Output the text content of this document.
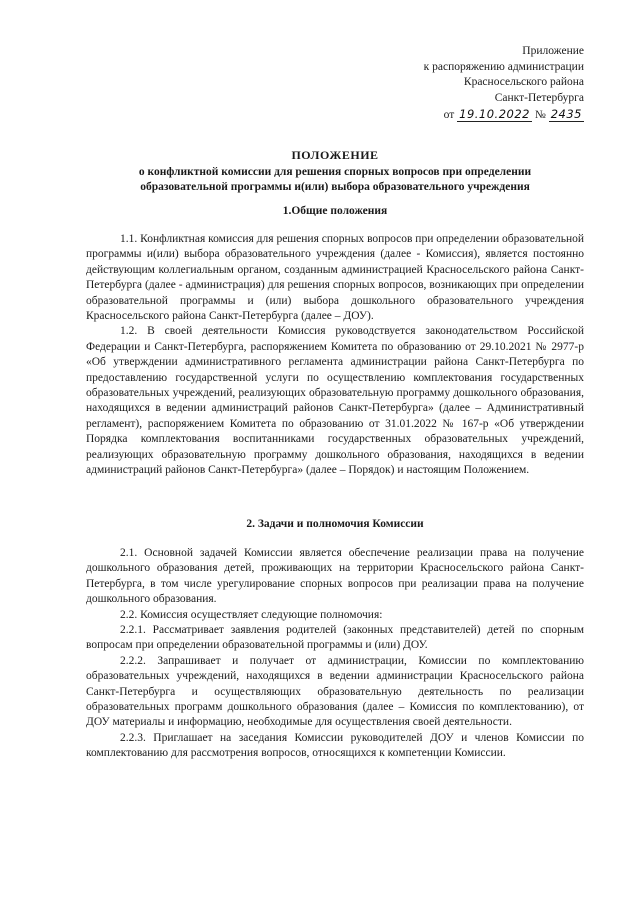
Приложение
к распоряжению администрации
Красносельского района
Санкт-Петербурга
от 19.10.2022 № 2435
ПОЛОЖЕНИЕ
о конфликтной комиссии для решения спорных вопросов при определении образовательной программы и(или) выбора образовательного учреждения
1.Общие положения

1.1. Конфликтная комиссия для решения спорных вопросов при определении образовательной программы и(или) выбора образовательного учреждения (далее - Комиссия), является постоянно действующим коллегиальным органом, созданным администрацией Красносельского района Санкт-Петербурга (далее - администрация) для решения спорных вопросов, возникающих при определении образовательной программы и (или) выбора дошкольного образовательного учреждения Красносельского района Санкт-Петербурга (далее – ДОУ).

1.2. В своей деятельности Комиссия руководствуется законодательством Российской Федерации и Санкт-Петербурга, распоряжением Комитета по образованию от 29.10.2021 № 2977-р «Об утверждении административного регламента администрации района Санкт-Петербурга по предоставлению государственной услуги по осуществлению комплектования государственных образовательных учреждений, реализующих образовательную программу дошкольного образования, находящихся в ведении администраций районов Санкт-Петербурга» (далее – Административный регламент), распоряжением Комитета по образованию от 31.01.2022 № 167-р «Об утверждении Порядка комплектования воспитанниками государственных образовательных учреждений, реализующих образовательную программу дошкольного образования, находящихся в ведении администраций районов Санкт-Петербурга» (далее – Порядок) и настоящим Положением.

2. Задачи и полномочия Комиссии

2.1. Основной задачей Комиссии является обеспечение реализации права на получение дошкольного образования детей, проживающих на территории Красносельского района Санкт-Петербурга, в том числе урегулирование спорных вопросов при реализации права на получение дошкольного образования.

2.2. Комиссия осуществляет следующие полномочия:

2.2.1. Рассматривает заявления родителей (законных представителей) детей по спорным вопросам при определении образовательной программы и (или) ДОУ.

2.2.2. Запрашивает и получает от администрации, Комиссии по комплектованию образовательных учреждений, находящихся в ведении администрации Красносельского района Санкт-Петербурга и осуществляющих образовательную деятельность по реализации образовательных программ дошкольного образования (далее – Комиссия по комплектованию), от ДОУ материалы и информацию, необходимые для осуществления своей деятельности.

2.2.3. Приглашает на заседания Комиссии руководителей ДОУ и членов Комиссии по комплектованию для рассмотрения вопросов, относящихся к компетенции Комиссии.
